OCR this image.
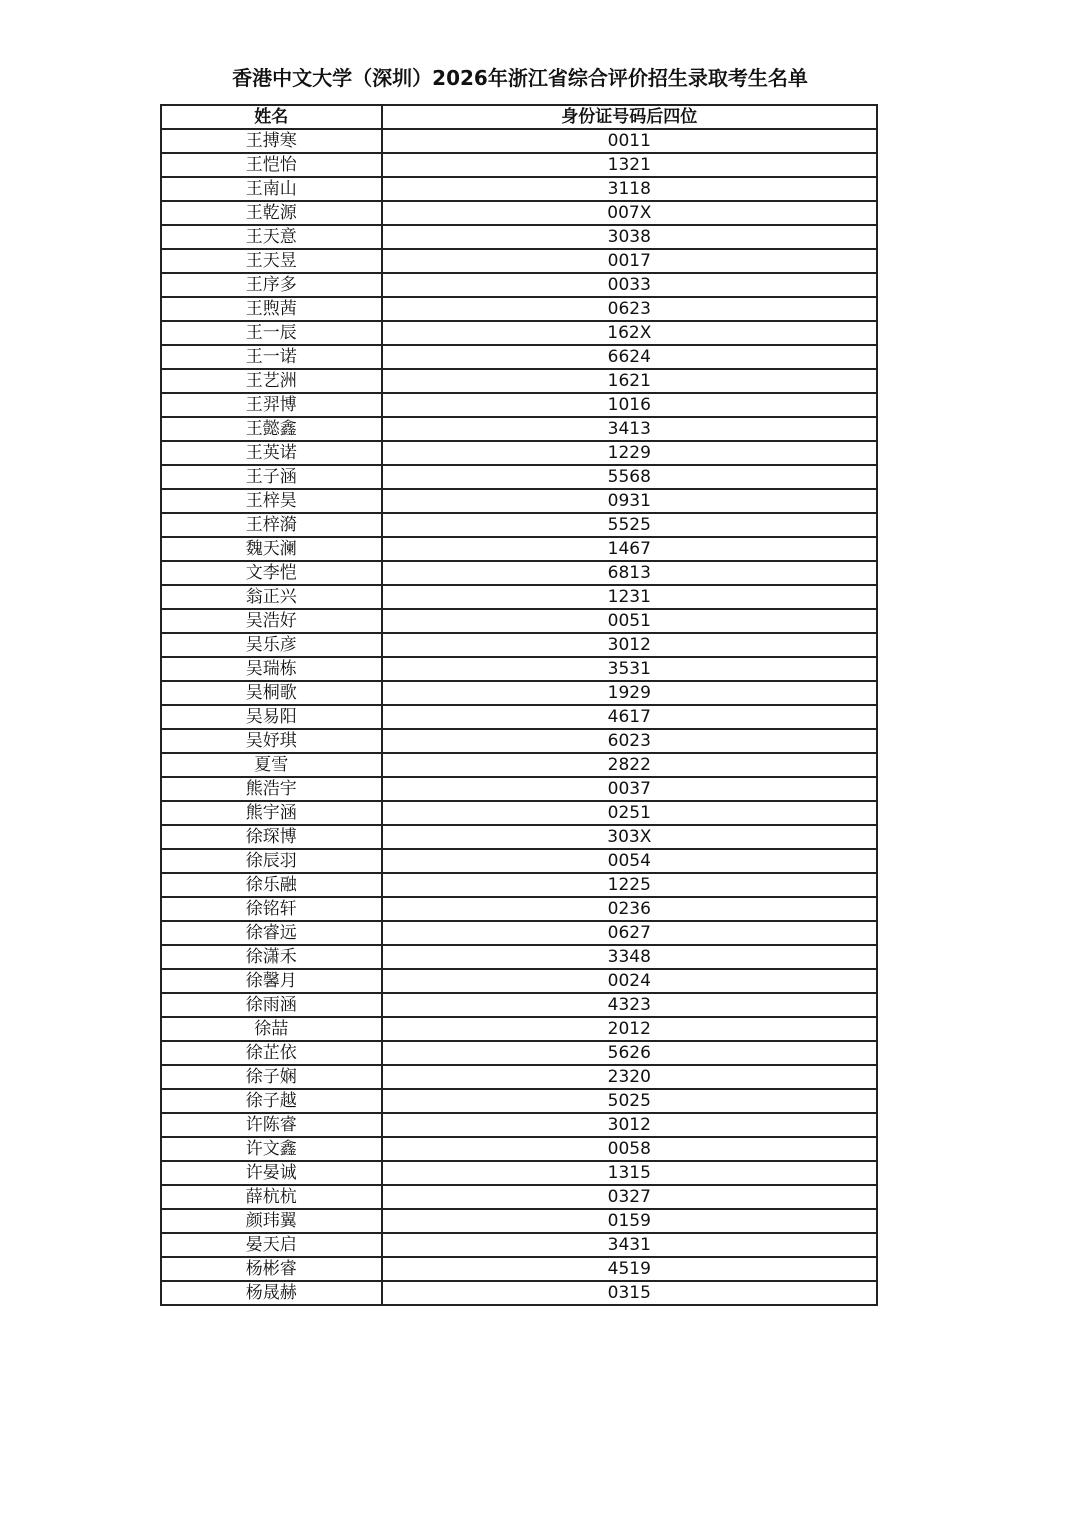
香港中文大学（深圳）2026年浙江省综合评价招生录取考生名单
姓名	身份证号码后四位
王搏寒	0011
王恺怡	1321
王南山	3118
王乾源	007X
王天意	3038
王天昱	0017
王序多	0033
王煦茜	0623
王一辰	162X
王一诺	6624
王艺洲	1621
王羿博	1016
王懿鑫	3413
王英诺	1229
王子涵	5568
王梓昊	0931
王梓漪	5525
魏天澜	1467
文李恺	6813
翁正兴	1231
吴浩好	0051
吴乐彦	3012
吴瑞栋	3531
吴桐歌	1929
吴易阳	4617
吴妤琪	6023
夏雪	2822
熊浩宇	0037
熊宇涵	0251
徐琛博	303X
徐辰羽	0054
徐乐融	1225
徐铭轩	0236
徐睿远	0627
徐潇禾	3348
徐馨月	0024
徐雨涵	4323
徐喆	2012
徐芷依	5626
徐子娴	2320
徐子越	5025
许陈睿	3012
许文鑫	0058
许晏诚	1315
薛杭杭	0327
颜玮翼	0159
晏天启	3431
杨彬睿	4519
杨晟赫	0315
